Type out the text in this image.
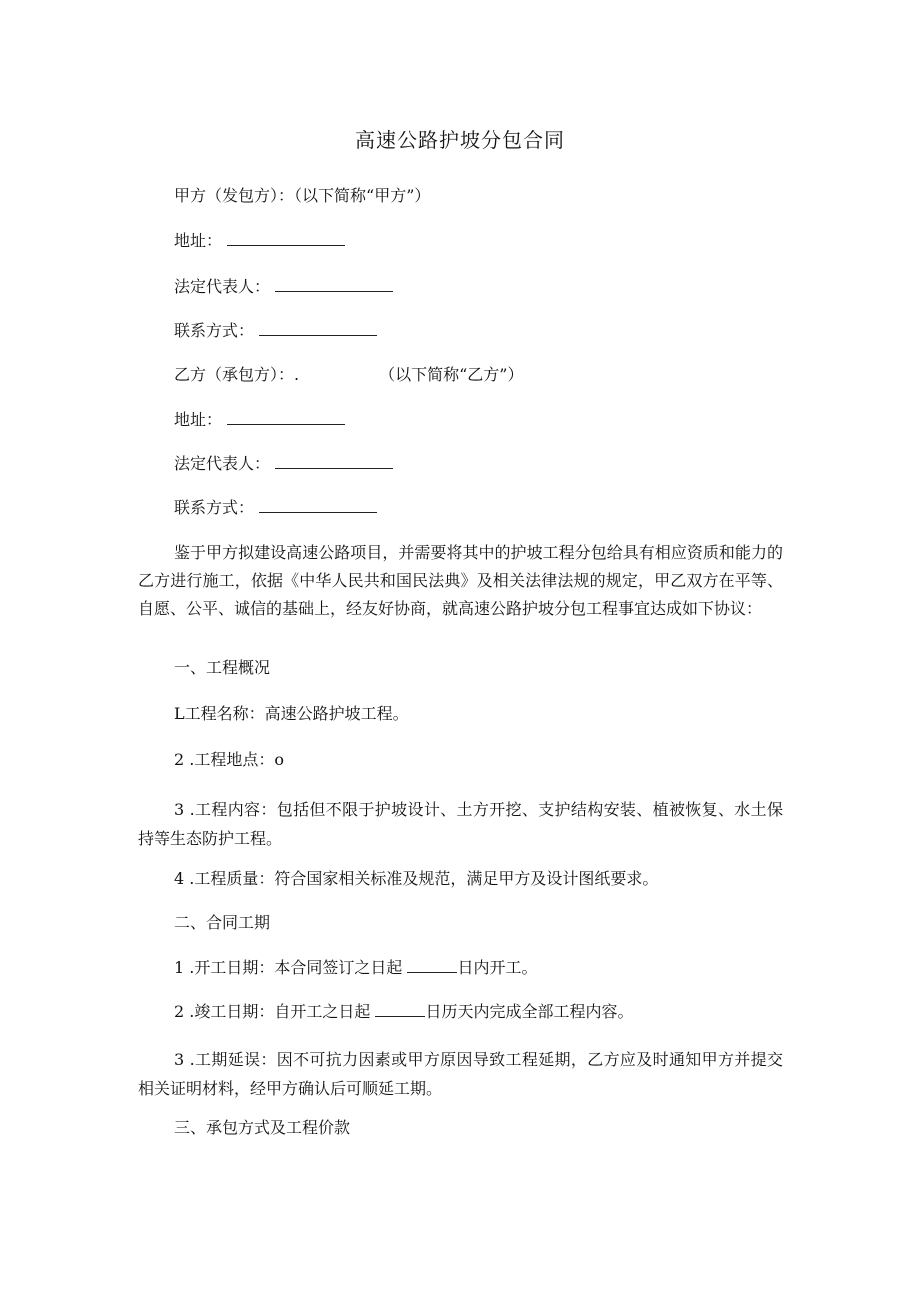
高速公路护坡分包合同
甲方（发包方）：（以下简称“甲方”）
地址：
法定代表人：
联系方式：
乙方（承包方）：.	（以下简称“乙方”）
地址：
法定代表人：
联系方式：
鉴于甲方拟建设高速公路项目，并需要将其中的护坡工程分包给具有相应资质和能力的乙方进行施工，依据《中华人民共和国民法典》及相关法律法规的规定，甲乙双方在平等、自愿、公平、诚信的基础上，经友好协商，就高速公路护坡分包工程事宜达成如下协议：
一、工程概况
L工程名称：高速公路护坡工程。
2 .工程地点：o
3 .工程内容：包括但不限于护坡设计、土方开挖、支护结构安装、植被恢复、水土保持等生态防护工程。
4 .工程质量：符合国家相关标准及规范，满足甲方及设计图纸要求。
二、合同工期
1 .开工日期：本合同签订之日起	日内开工。
2 .竣工日期：自开工之日起	日历天内完成全部工程内容。
3 .工期延误：因不可抗力因素或甲方原因导致工程延期，乙方应及时通知甲方并提交相关证明材料，经甲方确认后可顺延工期。
三、承包方式及工程价款
